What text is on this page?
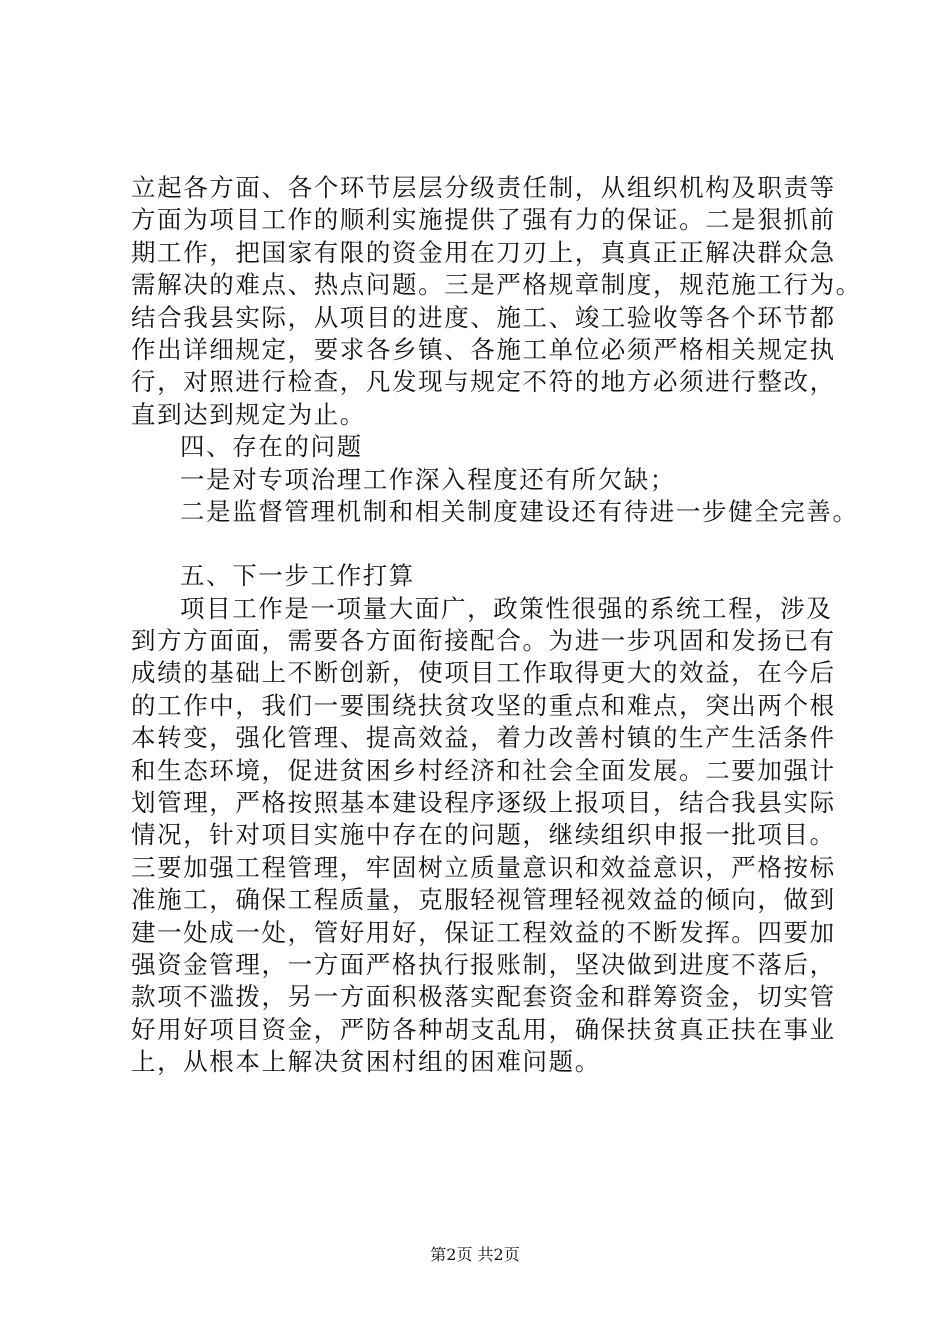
立起各方面、各个环节层层分级责任制，从组织机构及职责等
方面为项目工作的顺利实施提供了强有力的保证。二是狠抓前
期工作，把国家有限的资金用在刀刃上，真真正正解决群众急
需解决的难点、热点问题。三是严格规章制度，规范施工行为。
结合我县实际，从项目的进度、施工、竣工验收等各个环节都
作出详细规定，要求各乡镇、各施工单位必须严格相关规定执
行，对照进行检查，凡发现与规定不符的地方必须进行整改，
直到达到规定为止。
四、存在的问题
一是对专项治理工作深入程度还有所欠缺；
二是监督管理机制和相关制度建设还有待进一步健全完善。
五、下一步工作打算
项目工作是一项量大面广，政策性很强的系统工程，涉及
到方方面面，需要各方面衔接配合。为进一步巩固和发扬已有
成绩的基础上不断创新，使项目工作取得更大的效益，在今后
的工作中，我们一要围绕扶贫攻坚的重点和难点，突出两个根
本转变，强化管理、提高效益，着力改善村镇的生产生活条件
和生态环境，促进贫困乡村经济和社会全面发展。二要加强计
划管理，严格按照基本建设程序逐级上报项目，结合我县实际
情况，针对项目实施中存在的问题，继续组织申报一批项目。
三要加强工程管理，牢固树立质量意识和效益意识，严格按标
准施工，确保工程质量，克服轻视管理轻视效益的倾向，做到
建一处成一处，管好用好，保证工程效益的不断发挥。四要加
强资金管理，一方面严格执行报账制，坚决做到进度不落后，
款项不滥拨，另一方面积极落实配套资金和群筹资金，切实管
好用好项目资金，严防各种胡支乱用，确保扶贫真正扶在事业
上，从根本上解决贫困村组的困难问题。
第2页 共2页
